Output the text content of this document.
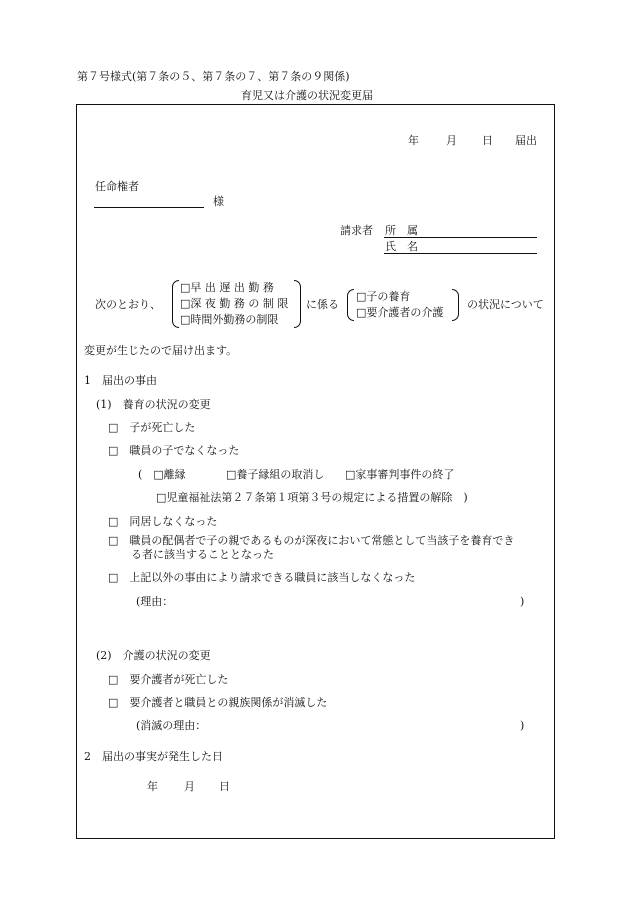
第７号様式(第７条の５、第７条の７、第７条の９関係)
育児又は介護の状況変更届
年 月 日 届出
任命権者
様
請求者 所　属
氏　名
次のとおり、
□早 出 遅 出 勤 務
□深 夜 勤 務 の 制 限
□時間外勤務の制限
に係る
□子の養育
□要介護者の介護
の状況について
変更が生じたので届け出ます。
1　届出の事由
(1)　養育の状況の変更
□　子が死亡した
□　職員の子でなくなった
(　□離縁	□養子縁組の取消し □家事審判事件の終了
□児童福祉法第２７条第１項第３号の規定による措置の解除　)
□　同居しなくなった
□　職員の配偶者で子の親であるものが深夜において常態として当該子を養育でき
る者に該当することとなった
□　上記以外の事由により請求できる職員に該当しなくなった
(理由：	)
(2)　介護の状況の変更
□　要介護者が死亡した
□　要介護者と職員との親族関係が消滅した
(消滅の理由：	)
2　届出の事実が発生した日
年 月 日
